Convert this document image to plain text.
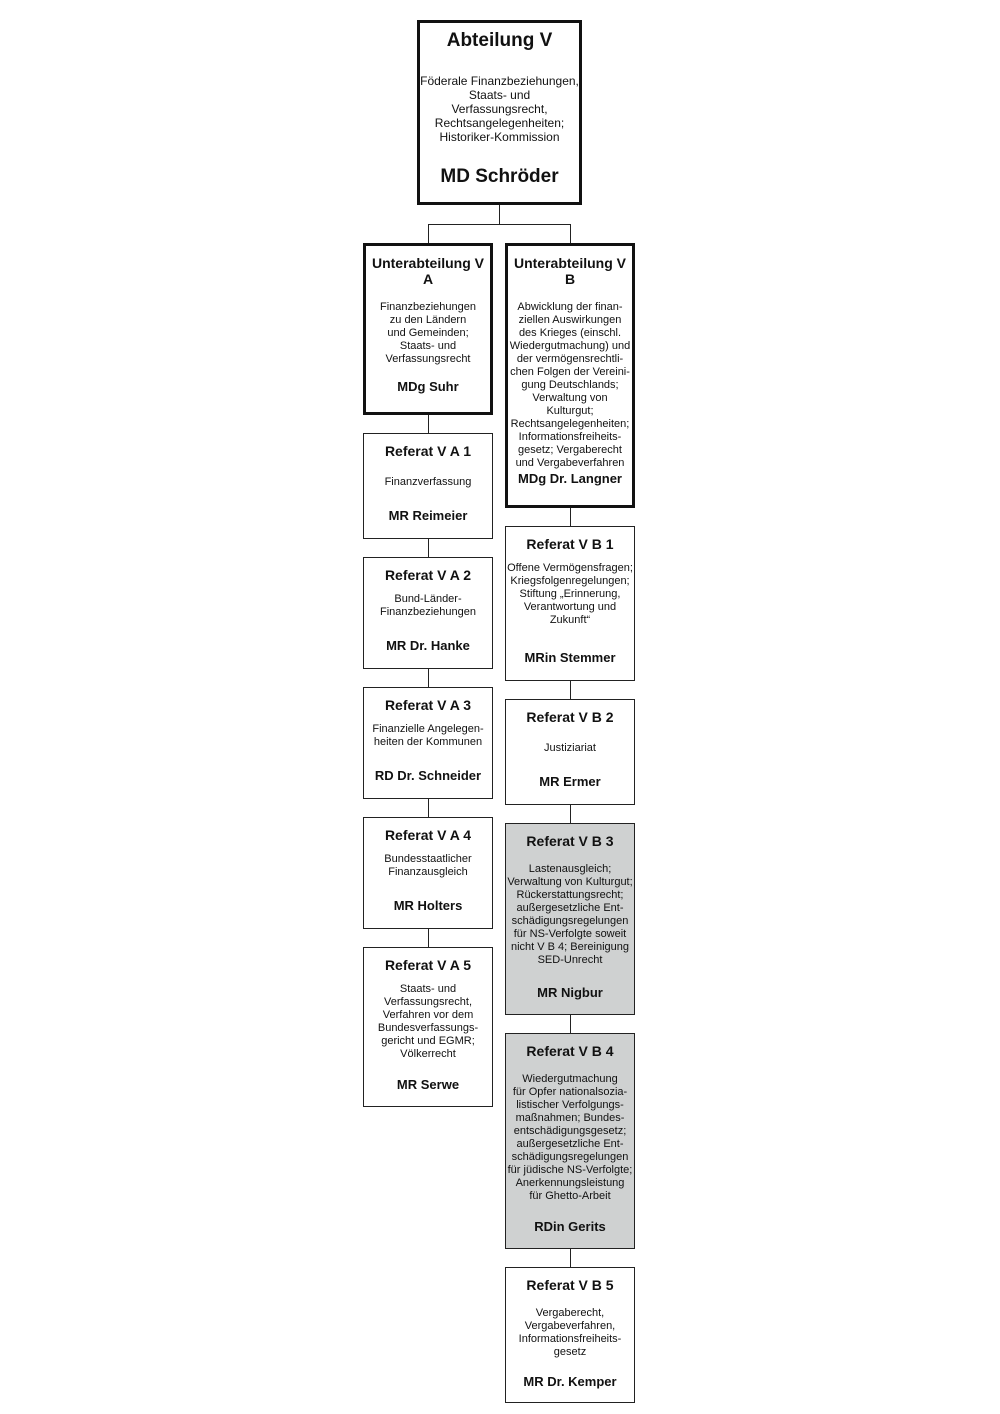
Abteilung V
Föderale Finanzbeziehungen,
Staats- und Verfassungsrecht,
Rechtsangelegenheiten;
Historiker-Kommission
MD Schröder
Unterabteilung V A
Finanzbeziehungen
zu den Ländern
und Gemeinden;
Staats- und
Verfassungsrecht
MDg Suhr
Unterabteilung V B
Abwicklung der finan-
ziellen Auswirkungen
des Krieges (einschl.
Wiedergutmachung) und
der vermögensrechtli-
chen Folgen der Vereini-
gung Deutschlands;
Verwaltung von Kulturgut;
Rechtsangelegenheiten;
Informationsfreiheits-
gesetz; Vergaberecht
und Vergabeverfahren
MDg Dr. Langner
Referat V A 1
Finanzverfassung
MR Reimeier
Referat V A 2
Bund-Länder-
Finanzbeziehungen
MR Dr. Hanke
Referat V A 3
Finanzielle Angelegen-
heiten der Kommunen
RD Dr. Schneider
Referat V A 4
Bundesstaatlicher
Finanzausgleich
MR Holters
Referat V A 5
Staats- und
Verfassungsrecht,
Verfahren vor dem
Bundesverfassungs-
gericht und EGMR;
Völkerrecht
MR Serwe
Referat V B 1
Offene Vermögensfragen;
Kriegsfolgenregelungen;
Stiftung „Erinnerung,
Verantwortung und
Zukunft“
MRin Stemmer
Referat V B 2
Justiziariat
MR Ermer
Referat V B 3
Lastenausgleich;
Verwaltung von Kulturgut;
Rückerstattungsrecht;
außergesetzliche Ent-
schädigungsregelungen
für NS-Verfolgte soweit
nicht V B 4; Bereinigung
SED-Unrecht
MR Nigbur
Referat V B 4
Wiedergutmachung
für Opfer nationalsozia-
listischer Verfolgungs-
maßnahmen; Bundes-
entschädigungsgesetz;
außergesetzliche Ent-
schädigungsregelungen
für jüdische NS-Verfolgte;
Anerkennungsleistung
für Ghetto-Arbeit
RDin Gerits
Referat V B 5
Vergaberecht,
Vergabeverfahren,
Informationsfreiheits-
gesetz
MR Dr. Kemper
